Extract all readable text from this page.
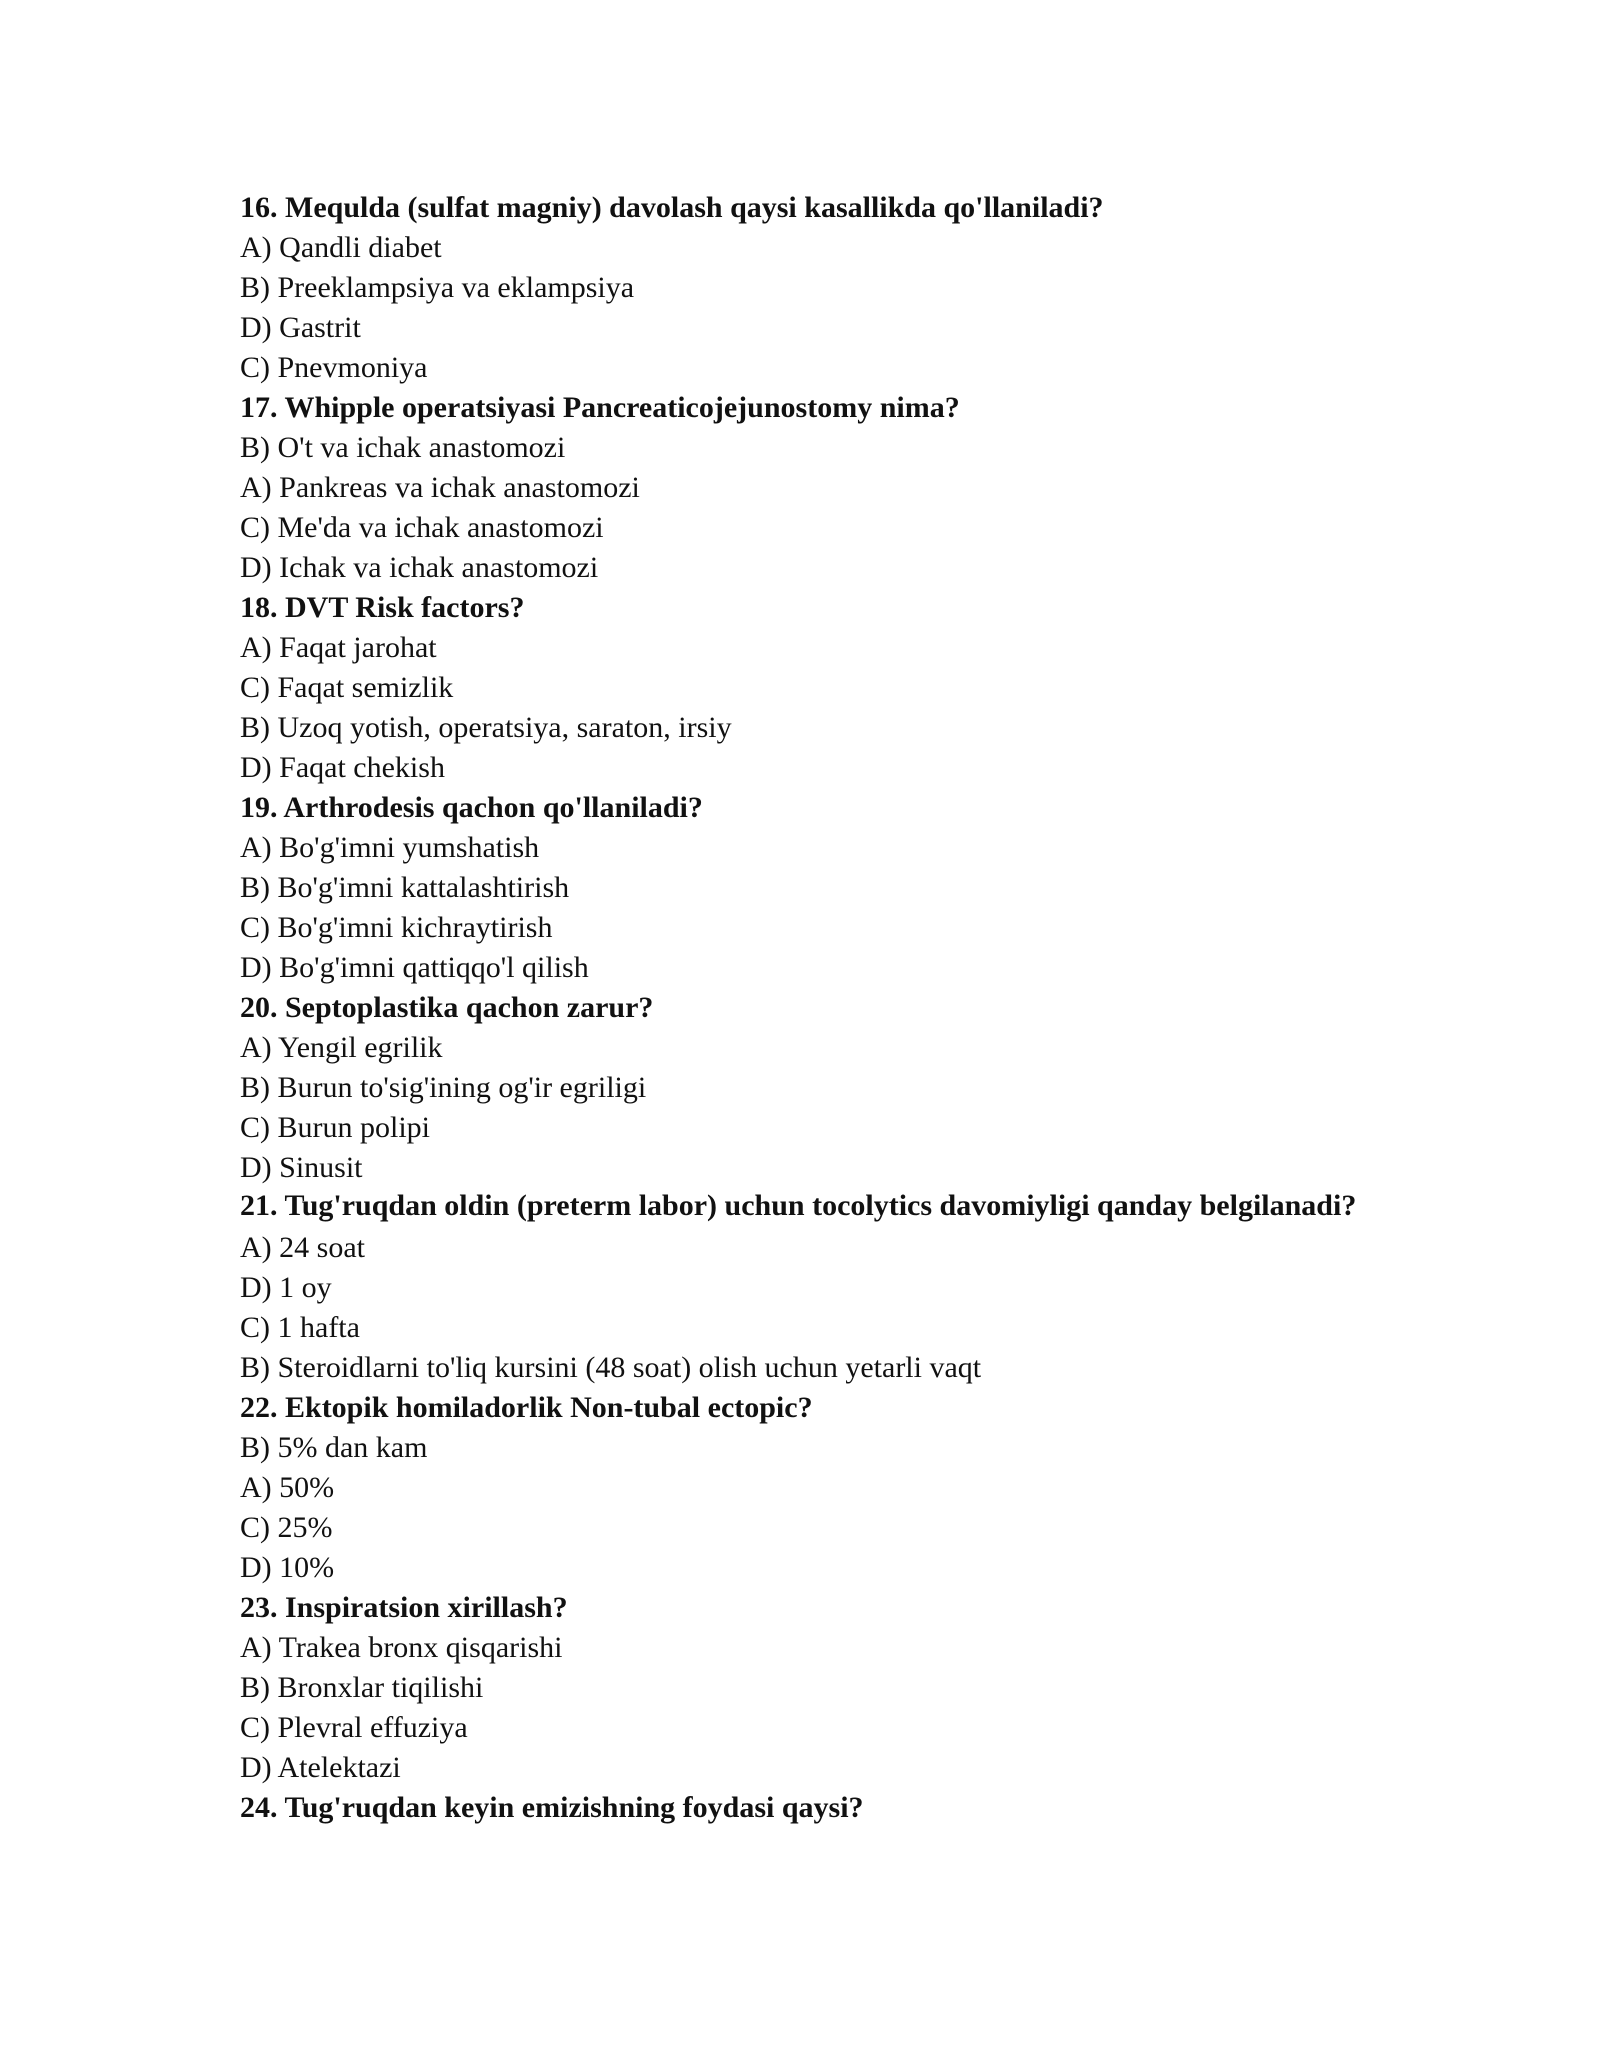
16. Mequlda (sulfat magniy) davolash qaysi kasallikda qo'llaniladi?
A) Qandli diabet
B) Preeklampsiya va eklampsiya
D) Gastrit
C) Pnevmoniya
17. Whipple operatsiyasi Pancreaticojejunostomy nima?
B) O't va ichak anastomozi
A) Pankreas va ichak anastomozi
C) Me'da va ichak anastomozi
D) Ichak va ichak anastomozi
18. DVT Risk factors?
A) Faqat jarohat
C) Faqat semizlik
B) Uzoq yotish, operatsiya, saraton, irsiy
D) Faqat chekish
19. Arthrodesis qachon qo'llaniladi?
A) Bo'g'imni yumshatish
B) Bo'g'imni kattalashtirish
C) Bo'g'imni kichraytirish
D) Bo'g'imni qattiqqo'l qilish
20. Septoplastika qachon zarur?
A) Yengil egrilik
B) Burun to'sig'ining og'ir egriligi
C) Burun polipi
D) Sinusit
21. Tug'ruqdan oldin (preterm labor) uchun tocolytics davomiyligi qanday belgilanadi?
A) 24 soat
D) 1 oy
C) 1 hafta
B) Steroidlarni to'liq kursini (48 soat) olish uchun yetarli vaqt
22. Ektopik homiladorlik Non-tubal ectopic?
B) 5% dan kam
A) 50%
C) 25%
D) 10%
23. Inspiratsion xirillash?
A) Trakea bronx qisqarishi
B) Bronxlar tiqilishi
C) Plevral effuziya
D) Atelektazi
24. Tug'ruqdan keyin emizishning foydasi qaysi?
